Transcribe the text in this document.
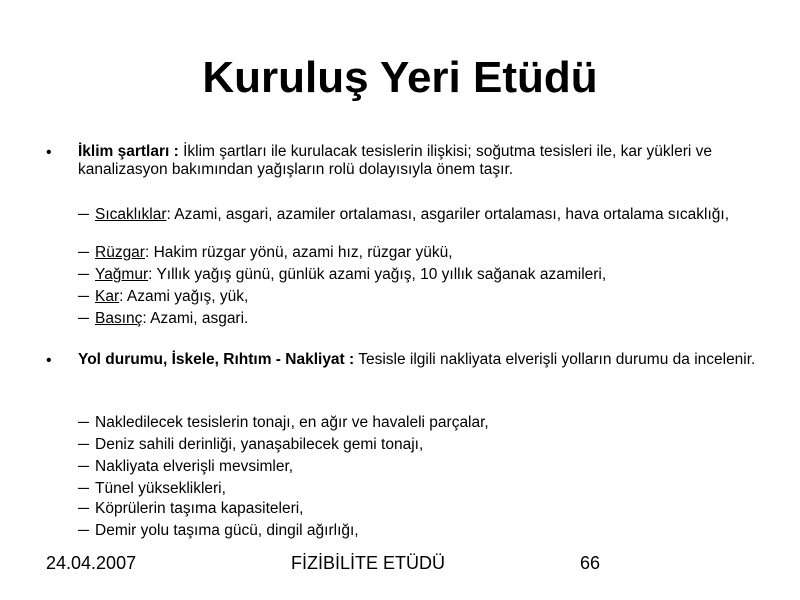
Kuruluş Yeri Etüdü
• İklim şartları : İklim şartları ile kurulacak tesislerin ilişkisi; soğutma tesisleri ile, kar yükleri ve kanalizasyon bakımından yağışların rolü dolayısıyla önem taşır.
─ Sıcaklıklar: Azami, asgari, azamiler ortalaması, asgariler ortalaması, hava ortalama sıcaklığı,
─ Rüzgar: Hakim rüzgar yönü, azami hız, rüzgar yükü,
─ Yağmur: Yıllık yağış günü, günlük azami yağış, 10 yıllık sağanak azamileri,
─ Kar: Azami yağış, yük,
─ Basınç: Azami, asgari.
• Yol durumu, İskele, Rıhtım - Nakliyat : Tesisle ilgili nakliyata elverişli yolların durumu da incelenir.
─ Nakledilecek tesislerin tonajı, en ağır ve havaleli parçalar,
─ Deniz sahili derinliği, yanaşabilecek gemi tonajı,
─ Nakliyata elverişli mevsimler,
─ Tünel yükseklikleri,
─ Köprülerin taşıma kapasiteleri,
─ Demir yolu taşıma gücü, dingil ağırlığı,
24.04.2007	FİZİBİLİTE ETÜDÜ	66
